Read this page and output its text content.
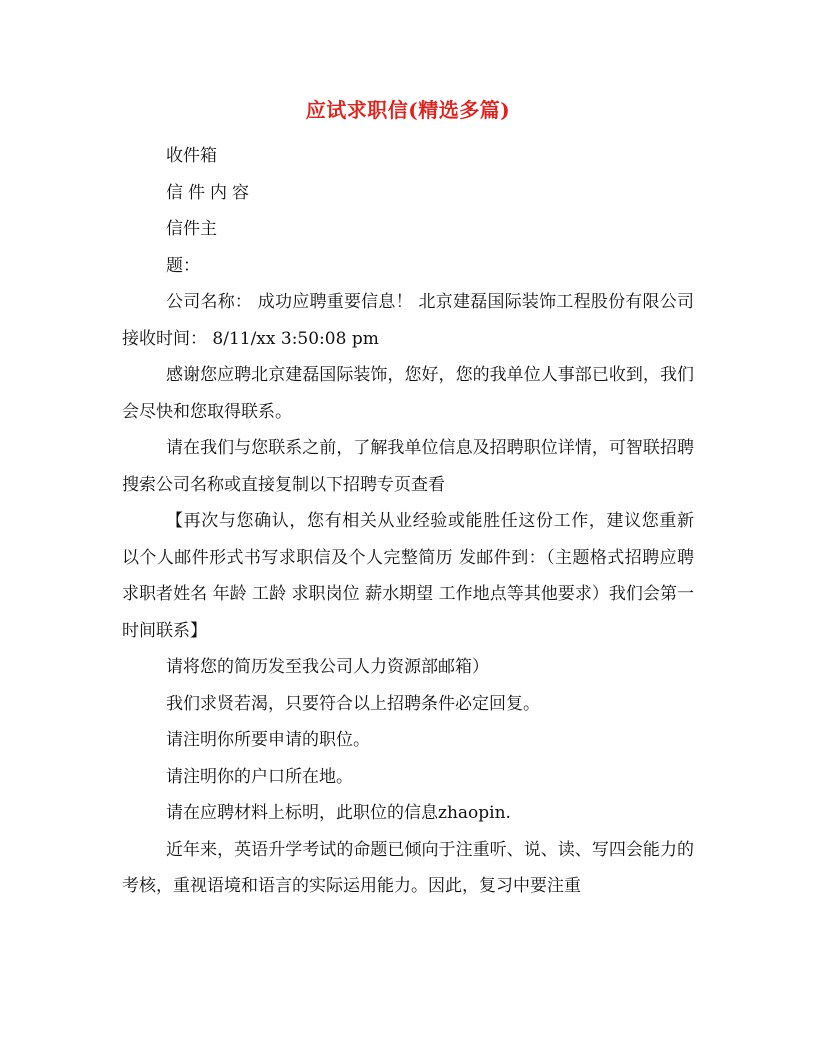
应试求职信(精选多篇)

收件箱

信件内容

信件主

题：

公司名称： 成功应聘重要信息！ 北京建磊国际装饰工程股份有限公司 接收时间： 8/11/xx 3:50:08 pm

感谢您应聘北京建磊国际装饰，您好，您的我单位人事部已收到，我们会尽快和您取得联系。

请在我们与您联系之前，了解我单位信息及招聘职位详情，可智联招聘搜索公司名称或直接复制以下招聘专页查看

【再次与您确认，您有相关从业经验或能胜任这份工作，建议您重新 以个人邮件形式书写求职信及个人完整简历 发邮件到：（主题格式招聘应聘 求职者姓名 年龄 工龄 求职岗位 薪水期望 工作地点等其他要求）我们会第一时间联系】

请将您的简历发至我公司人力资源部邮箱）

我们求贤若渴，只要符合以上招聘条件必定回复。

请注明你所要申请的职位。

请注明你的户口所在地。

请在应聘材料上标明，此职位的信息zhaopin.

近年来，英语升学考试的命题已倾向于注重听、说、读、写四会能力的考核，重视语境和语言的实际运用能力。因此，复习中要注重
